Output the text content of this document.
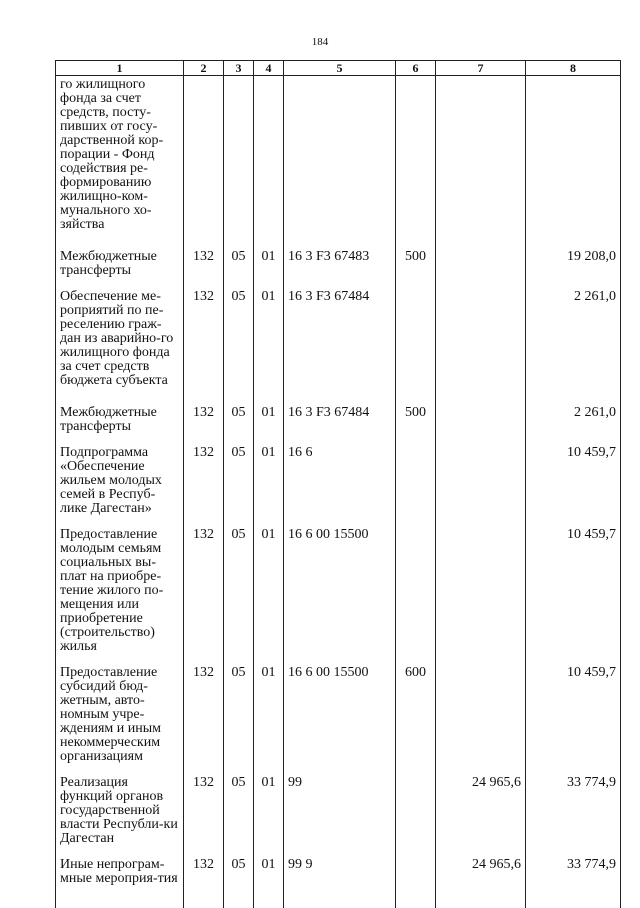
184
1	2	3	4	5	6	7	8
го жилищного фонда за счет средств, посту-пивших от госу-дарственной кор-порации - Фонд содействия ре-формированию жилищно-ком-мунального хо-зяйства							
Межбюджетные трансферты	132	05	01	16 3 F3 67483	500		19 208,0
Обеспечение ме-роприятий по пе-реселению граж-дан из аварийно-го жилищного фонда за счет средств бюджета субъекта	132	05	01	16 3 F3 67484			2 261,0
Межбюджетные трансферты	132	05	01	16 3 F3 67484	500		2 261,0
Подпрограмма «Обеспечение жильем молодых семей в Респуб-лике Дагестан»	132	05	01	16 6			10 459,7
Предоставление молодым семьям социальных вы-плат на приобре-тение жилого по-мещения или приобретение (строительство) жилья	132	05	01	16 6 00 15500			10 459,7
Предоставление субсидий бюд-жетным, авто-номным учре-ждениям и иным некоммерческим организациям	132	05	01	16 6 00 15500	600		10 459,7
Реализация функций органов государственной власти Республи-ки Дагестан	132	05	01	99		24 965,6	33 774,9
Иные непрограм-мные мероприя-тия	132	05	01	99 9		24 965,6	33 774,9
